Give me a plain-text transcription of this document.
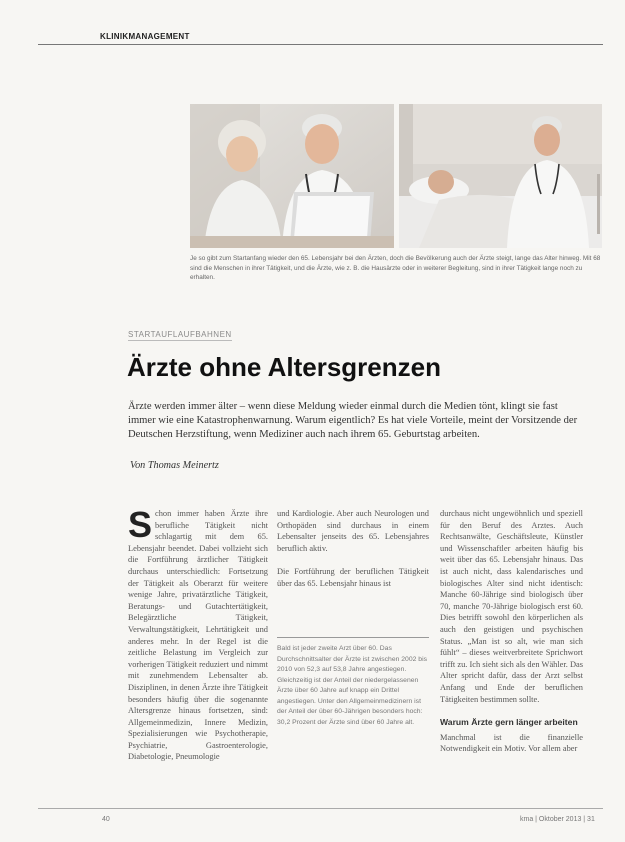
KLINIKMANAGEMENT
Je so gibt zum Startanfang wieder den 65. Lebensjahr bei den Ärzten, doch die Bevölkerung auch der Ärzte steigt, lange das Alter hinweg. Mit 68 sind die Menschen in ihrer Tätigkeit, und die Ärzte, wie z. B. die Hausärzte oder in weiterer Begleitung, sind in ihrer Tätigkeit lange noch zu erhalten.
STARTAUFLAUFBAHNEN
Ärzte ohne Altersgrenzen
Ärzte werden immer älter – wenn diese Meldung wieder einmal durch die Medien tönt, klingt sie fast immer wie eine Katastrophenwarnung. Warum eigentlich? Es hat viele Vorteile, meint der Vorsitzende der Deutschen Herzstiftung, wenn Mediziner auch nach ihrem 65. Geburtstag arbeiten.
Von Thomas Meinertz
S chon immer haben Ärzte ihre berufliche Tätigkeit nicht schlagartig mit dem 65. Lebensjahr beendet. Dabei vollzieht sich die Fortführung ärztlicher Tätigkeit durchaus unterschiedlich: Fortsetzung der Tätigkeit als Oberarzt für weitere wenige Jahre, privatärztliche Tätigkeit, Beratungs- und Gutachtertätigkeit, Belegärztliche Tätigkeit, Verwaltungstätigkeit, Lehrtätigkeit und anderes mehr. In der Regel ist die zeitliche Belastung im Vergleich zur vorherigen Tätigkeit reduziert und nimmt mit zunehmendem Lebensalter ab. Disziplinen, in denen Ärzte ihre Tätigkeit besonders häufig über die sogenannte Altersgrenze hinaus fortsetzen, sind: Allgemeinmedizin, Innere Medizin, Spezialisierungen wie Psychotherapie, Psychiatrie, Gastroenterologie, Diabetologie, Pneumologie

und Kardiologie. Aber auch Neurologen und Orthopäden sind durchaus in einem Lebensalter jenseits des 65. Lebensjahres beruflich aktiv.

Die Fortführung der beruflichen Tätigkeit über das 65. Lebensjahr hinaus ist

Bald ist jeder zweite Arzt über 60. Das Durchschnittsalter der Ärzte ist zwischen 2002 bis 2010 von 52,3 auf 53,8 Jahre angestiegen. Gleichzeitig ist der Anteil der niedergelassenen Ärzte über 60 Jahre auf knapp ein Drittel angestiegen. Unter den Allgemeinmedizinern ist der Anteil der über 60-Jährigen besonders hoch: 30,2 Prozent der Ärzte sind über 60 Jahre alt.

durchaus nicht ungewöhnlich und speziell für den Beruf des Arztes. Auch Rechtsanwälte, Geschäftsleute, Künstler und Wissenschaftler arbeiten häufig bis weit über das 65. Lebensjahr hinaus. Das ist auch nicht, dass kalendarisches und biologisches Alter sind nicht identisch: Manche 60-Jährige sind biologisch über 70, manche 70-Jährige biologisch erst 60. Dies betrifft sowohl den körperlichen als auch den geistigen und psychischen Status. „Man ist so alt, wie man sich fühlt“ – dieses weitverbreitete Sprichwort trifft zu. Ich sieht sich als den Wähler. Das Alter spricht dafür, dass der Arzt selbst Anfang und Ende der beruflichen Tätigkeiten bestimmen sollte.

Warum Ärzte gern länger arbeiten

Manchmal ist die finanzielle Notwendigkeit ein Motiv. Vor allem aber

40	kma | Oktober 2013 | 31
